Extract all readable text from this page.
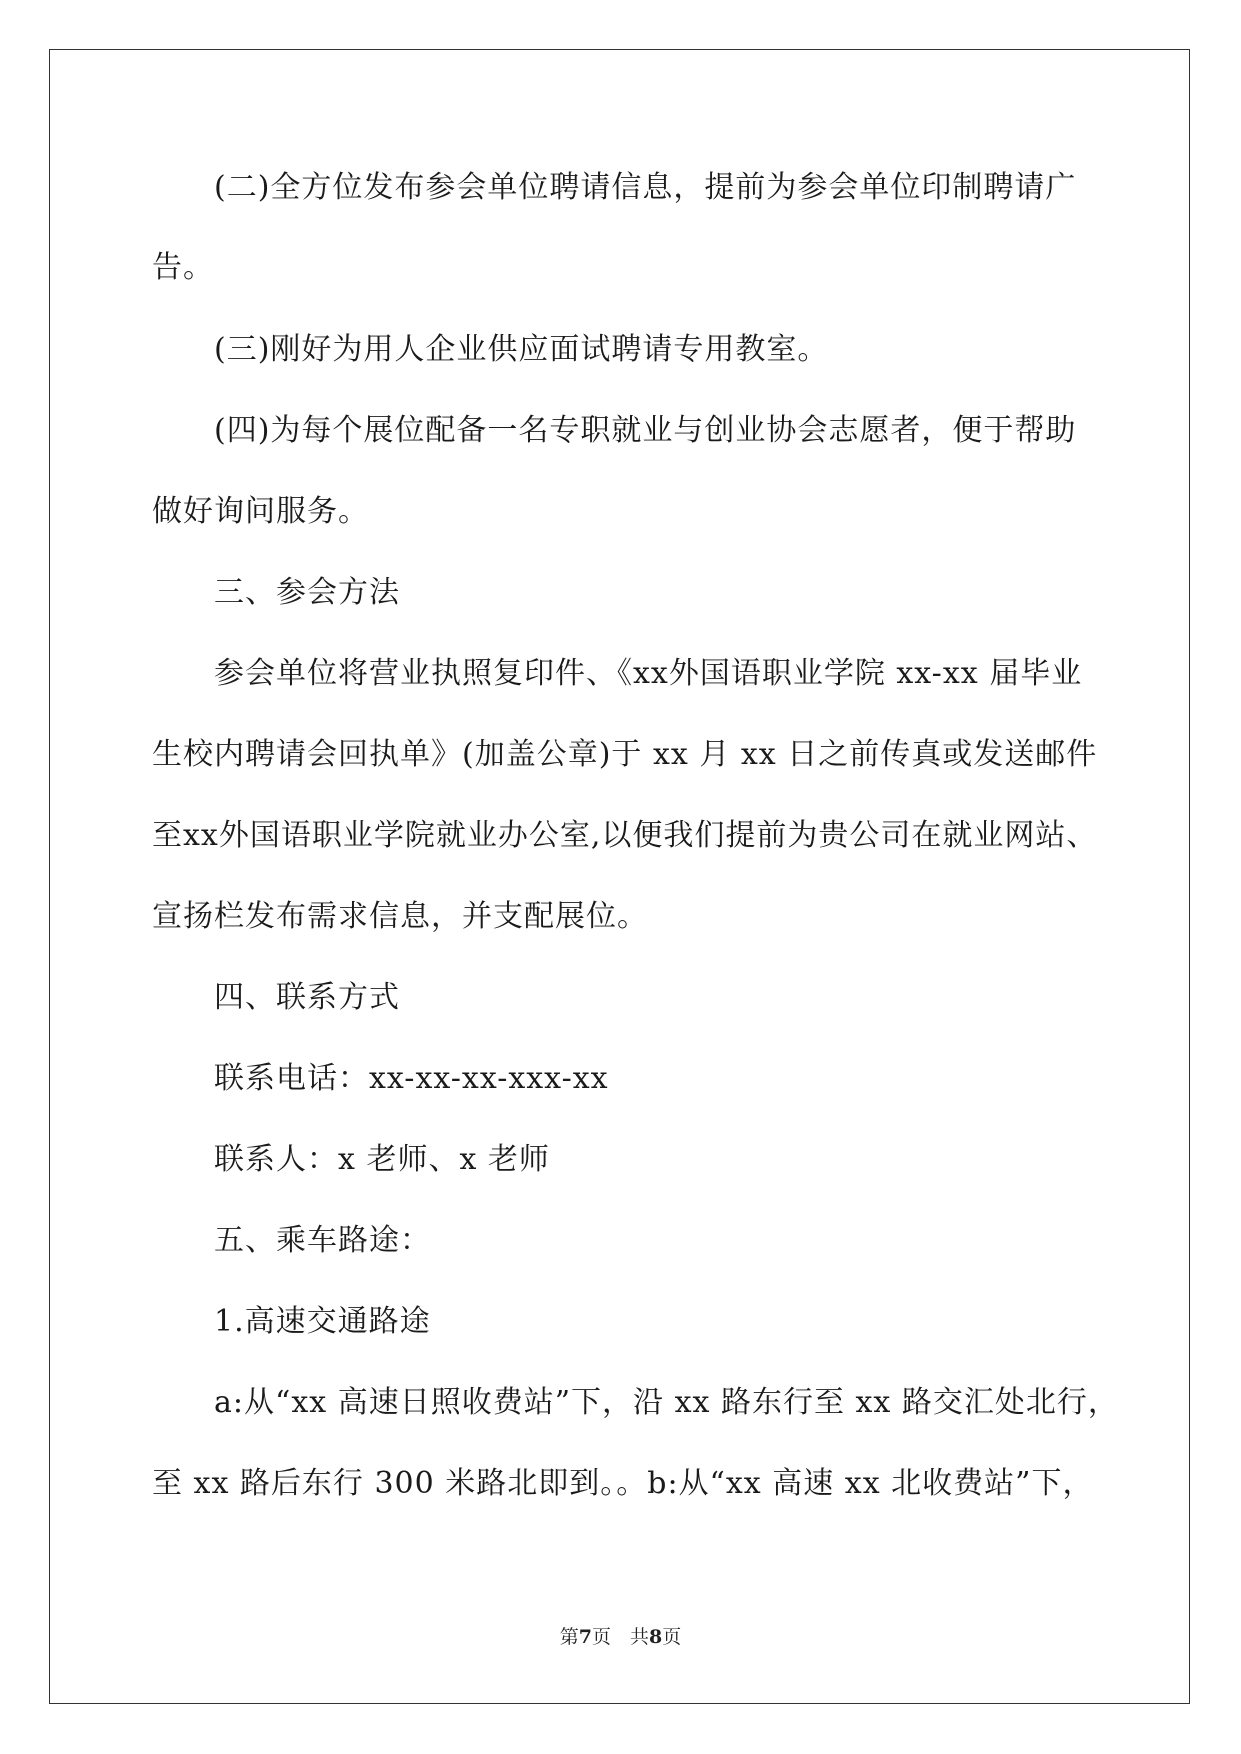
(二)全方位发布参会单位聘请信息，提前为参会单位印制聘请广
告。
(三)刚好为用人企业供应面试聘请专用教室。
(四)为每个展位配备一名专职就业与创业协会志愿者，便于帮助
做好询问服务。
三、参会方法
参会单位将营业执照复印件、《xx外国语职业学院 xx-xx 届毕业
生校内聘请会回执单》(加盖公章)于 xx 月 xx 日之前传真或发送邮件
至xx外国语职业学院就业办公室,以便我们提前为贵公司在就业网站、
宣扬栏发布需求信息，并支配展位。
四、联系方式
联系电话：xx-xx-xx-xxx-xx
联系人：x 老师、x 老师
五、乘车路途：
1.高速交通路途
a:从“xx 高速日照收费站”下，沿 xx 路东行至 xx 路交汇处北行，
至 xx 路后东行 300 米路北即到。。b:从“xx 高速 xx 北收费站”下，
第7页　共8页
